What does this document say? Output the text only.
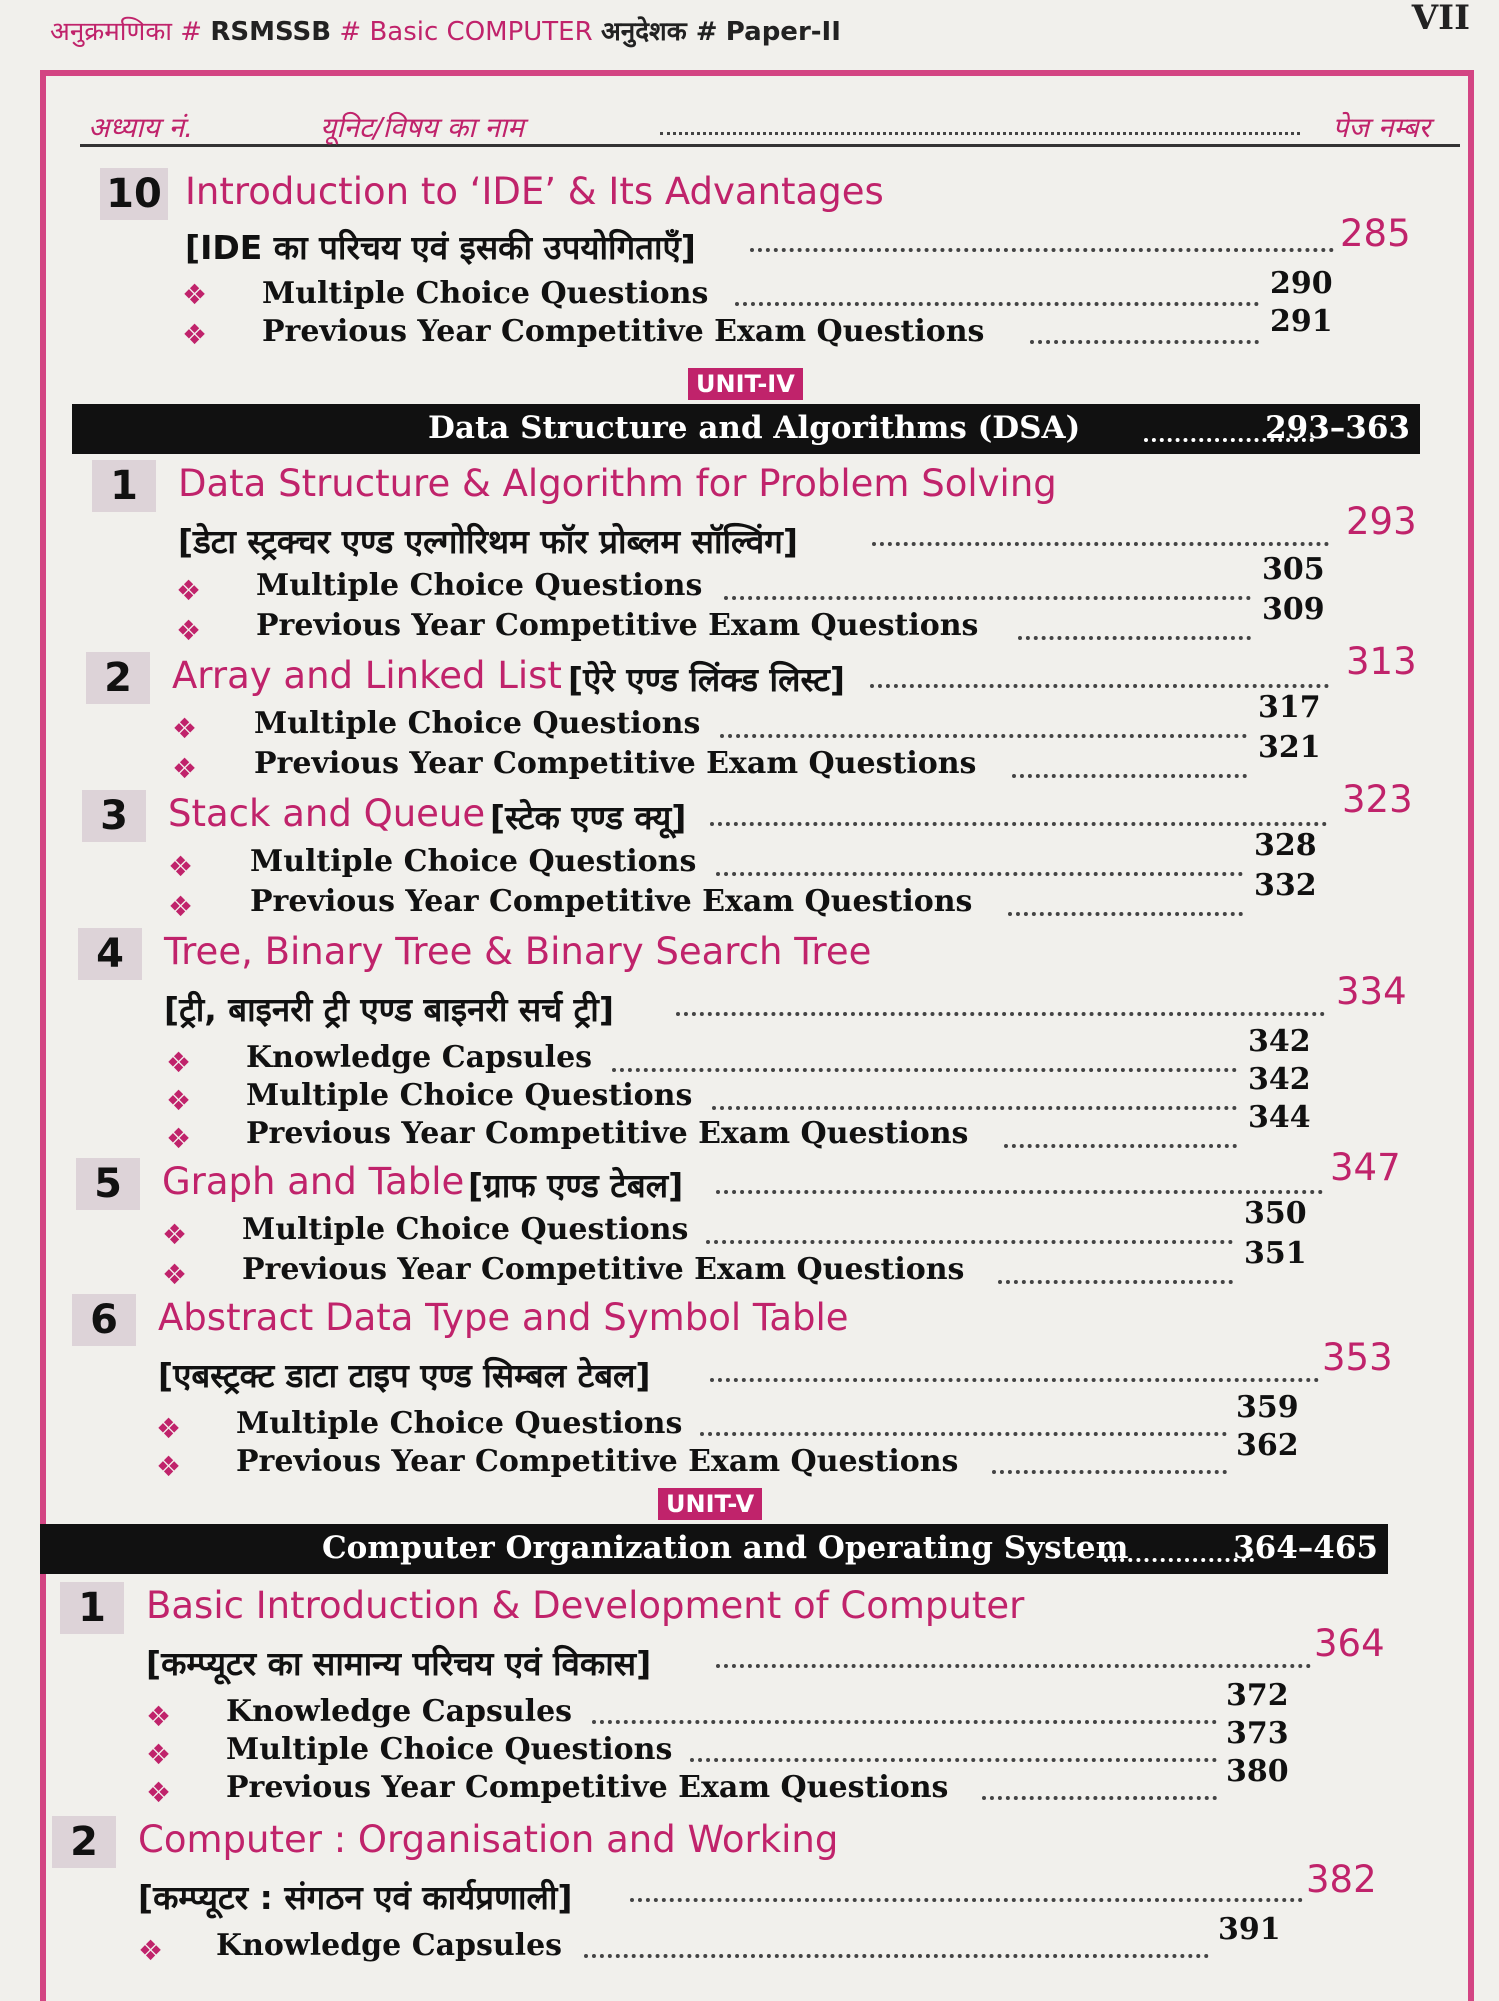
अनुक्रमणिका # RSMSSB # Basic COMPUTER अनुदेशक # Paper-II	VII
अध्याय नं.	यूनिट/विषय का नाम	पेज नम्बर
10 Introduction to ‘IDE’ & Its Advantages
[IDE का परिचय एवं इसकी उपयोगिताएँ]	285
❖ Multiple Choice Questions	290
❖ Previous Year Competitive Exam Questions	291
UNIT-IV
Data Structure and Algorithms (DSA)	293–363
1	Data Structure & Algorithm for Problem Solving
[डेटा स्ट्रक्चर एण्ड एल्गोरिथम फॉर प्रोब्लम सॉल्विंग]	293
❖ Multiple Choice Questions	305
❖ Previous Year Competitive Exam Questions	309
2	Array and Linked List [ऐरे एण्ड लिंक्ड लिस्ट]	313
❖ Multiple Choice Questions	317
❖ Previous Year Competitive Exam Questions	321
3	Stack and Queue [स्टेक एण्ड क्यू]	323
❖ Multiple Choice Questions	328
❖ Previous Year Competitive Exam Questions	332
4	Tree, Binary Tree & Binary Search Tree
[ट्री, बाइनरी ट्री एण्ड बाइनरी सर्च ट्री]	334
❖ Knowledge Capsules	342
❖ Multiple Choice Questions	342
❖ Previous Year Competitive Exam Questions	344
5	Graph and Table [ग्राफ एण्ड टेबल]	347
❖ Multiple Choice Questions	350
❖ Previous Year Competitive Exam Questions	351
6	Abstract Data Type and Symbol Table
[एबस्ट्रक्ट डाटा टाइप एण्ड सिम्बल टेबल]	353
❖ Multiple Choice Questions	359
❖ Previous Year Competitive Exam Questions	362
UNIT-V
Computer Organization and Operating System	364–465
1	Basic Introduction & Development of Computer
[कम्प्यूटर का सामान्य परिचय एवं विकास]	364
❖ Knowledge Capsules	372
❖ Multiple Choice Questions	373
❖ Previous Year Competitive Exam Questions	380
2	Computer : Organisation and Working
[कम्प्यूटर : संगठन एवं कार्यप्रणाली]	382
❖ Knowledge Capsules	391
